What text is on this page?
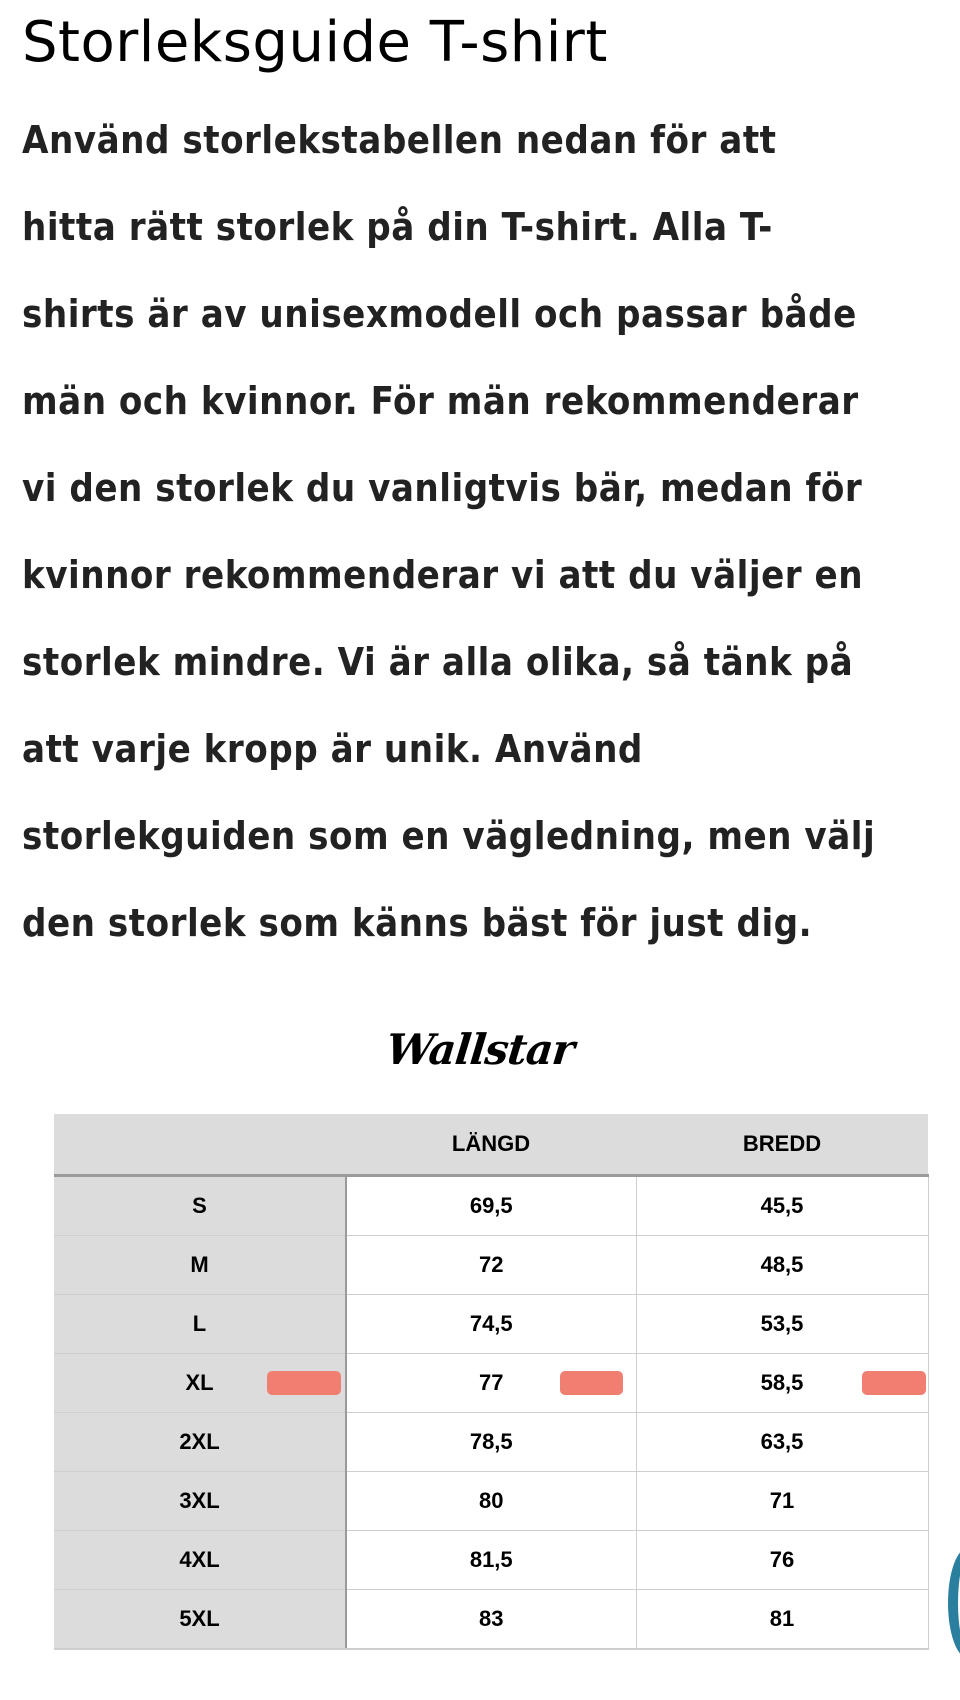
Storleksguide T-shirt
Använd storlekstabellen nedan för att
hitta rätt storlek på din T-shirt. Alla T-
shirts är av unisexmodell och passar både
män och kvinnor. För män rekommenderar
vi den storlek du vanligtvis bär, medan för
kvinnor rekommenderar vi att du väljer en
storlek mindre. Vi är alla olika, så tänk på
att varje kropp är unik. Använd
storlekguiden som en vägledning, men välj
den storlek som känns bäst för just dig.
Wallstar
	LÄNGD	BREDD
S	69,5	45,5
M	72	48,5
L	74,5	53,5
XL	77	58,5

2XL	78,5	63,5
3XL	80	71
4XL	81,5	76
5XL	83	81
